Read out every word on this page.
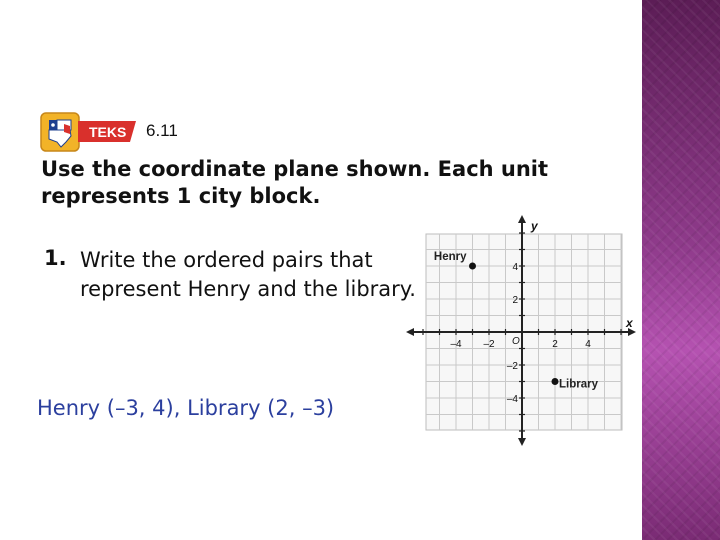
TEKS 6.11
Use the coordinate plane shown. Each unit represents 1 city block.
1. Write the ordered pairs that represent Henry and the library.
Henry (–3, 4), Library (2, –3)
x
y
O
–4 –2	2	4
4
2
–2
–4
Henry
Library
